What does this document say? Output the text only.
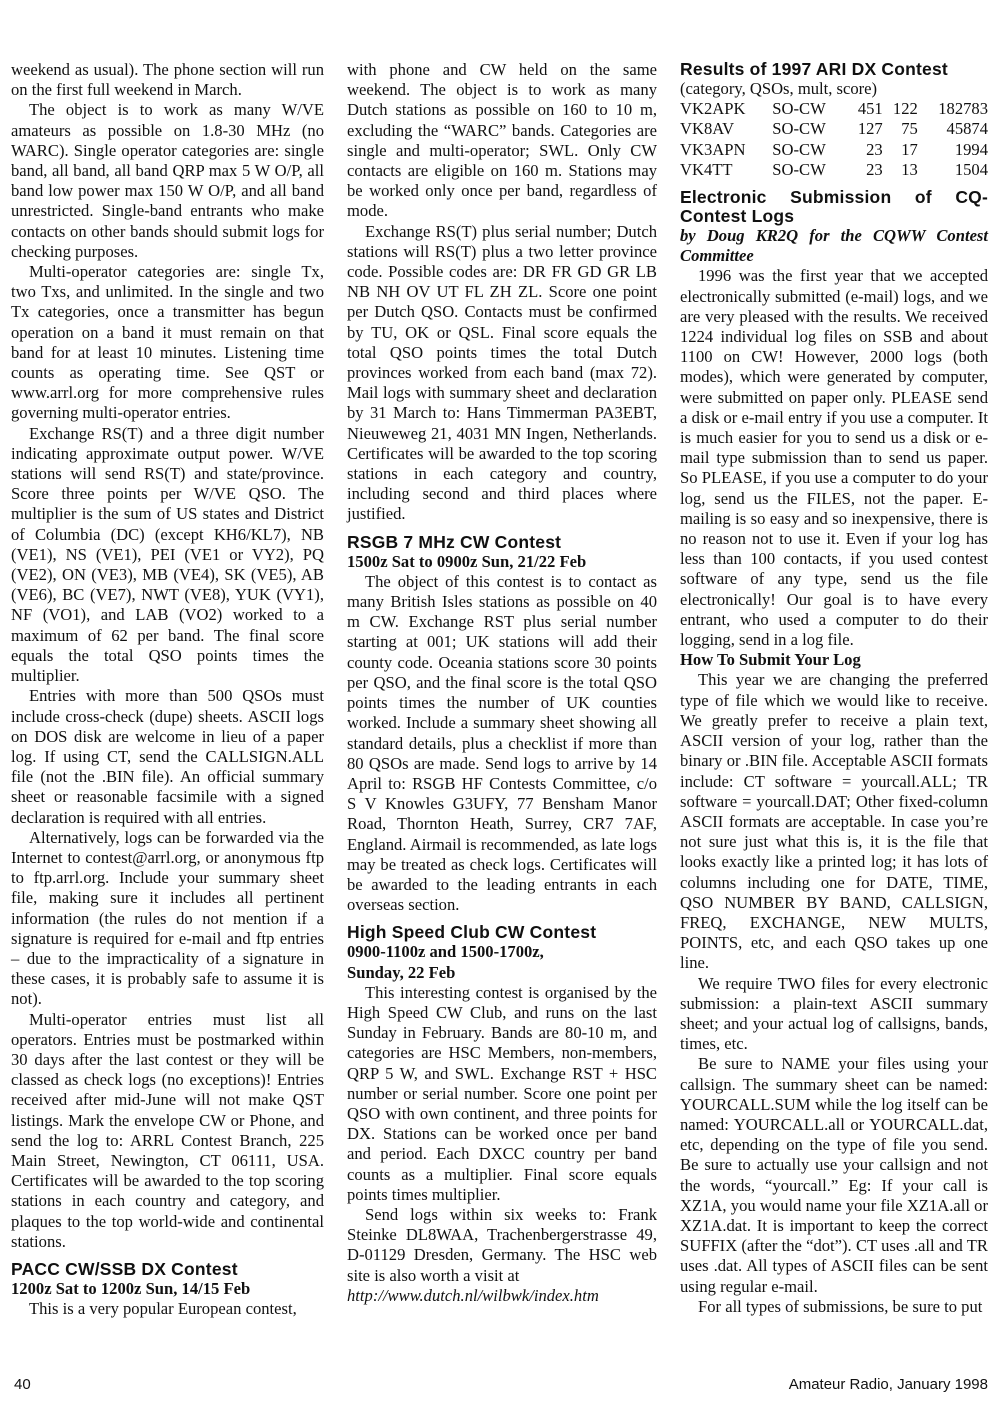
weekend as usual). The phone section will run on the first full weekend in March.

The object is to work as many W/VE amateurs as possible on 1.8-30 MHz (no WARC). Single operator categories are: single band, all band, all band QRP max 5 W O/P, all band low power max 150 W O/P, and all band unrestricted. Single-band entrants who make contacts on other bands should submit logs for checking purposes.

Multi-operator categories are: single Tx, two Txs, and unlimited. In the single and two Tx categories, once a transmitter has begun operation on a band it must remain on that band for at least 10 minutes. Listening time counts as operating time. See QST or www.arrl.org for more comprehensive rules governing multi-operator entries.

Exchange RS(T) and a three digit number indicating approximate output power. W/VE stations will send RS(T) and state/province. Score three points per W/VE QSO. The multiplier is the sum of US states and District of Columbia (DC) (except KH6/KL7), NB (VE1), NS (VE1), PEI (VE1 or VY2), PQ (VE2), ON (VE3), MB (VE4), SK (VE5), AB (VE6), BC (VE7), NWT (VE8), YUK (VY1), NF (VO1), and LAB (VO2) worked to a maximum of 62 per band. The final score equals the total QSO points times the multiplier.

Entries with more than 500 QSOs must include cross-check (dupe) sheets. ASCII logs on DOS disk are welcome in lieu of a paper log. If using CT, send the CALLSIGN.ALL file (not the .BIN file). An official summary sheet or reasonable facsimile with a signed declaration is required with all entries.

Alternatively, logs can be forwarded via the Internet to contest@arrl.org, or anonymous ftp to ftp.arrl.org. Include your summary sheet file, making sure it includes all pertinent information (the rules do not mention if a signature is required for e-mail and ftp entries – due to the impracticality of a signature in these cases, it is probably safe to assume it is not).

Multi-operator entries must list all operators. Entries must be postmarked within 30 days after the last contest or they will be classed as check logs (no exceptions)! Entries received after mid-June will not make QST listings. Mark the envelope CW or Phone, and send the log to: ARRL Contest Branch, 225 Main Street, Newington, CT 06111, USA. Certificates will be awarded to the top scoring stations in each country and category, and plaques to the top world-wide and continental stations.

PACC CW/SSB DX Contest
1200z Sat to 1200z Sun, 14/15 Feb

This is a very popular European contest,

with phone and CW held on the same weekend. The object is to work as many Dutch stations as possible on 160 to 10 m, excluding the “WARC” bands. Categories are single and multi-operator; SWL. Only CW contacts are eligible on 160 m. Stations may be worked only once per band, regardless of mode.

Exchange RS(T) plus serial number; Dutch stations will RS(T) plus a two letter province code. Possible codes are: DR FR GD GR LB NB NH OV UT FL ZH ZL. Score one point per Dutch QSO. Contacts must be confirmed by TU, OK or QSL. Final score equals the total QSO points times the total Dutch provinces worked from each band (max 72). Mail logs with summary sheet and declaration by 31 March to: Hans Timmerman PA3EBT, Nieuweweg 21, 4031 MN Ingen, Netherlands. Certificates will be awarded to the top scoring stations in each category and country, including second and third places where justified.

RSGB 7 MHz CW Contest
1500z Sat to 0900z Sun, 21/22 Feb

The object of this contest is to contact as many British Isles stations as possible on 40 m CW. Exchange RST plus serial number starting at 001; UK stations will add their county code. Oceania stations score 30 points per QSO, and the final score is the total QSO points times the number of UK counties worked. Include a summary sheet showing all standard details, plus a checklist if more than 80 QSOs are made. Send logs to arrive by 14 April to: RSGB HF Contests Committee, c/o S V Knowles G3UFY, 77 Bensham Manor Road, Thornton Heath, Surrey, CR7 7AF, England. Airmail is recommended, as late logs may be treated as check logs. Certificates will be awarded to the leading entrants in each overseas section.

High Speed Club CW Contest
0900-1100z and 1500-1700z,
Sunday, 22 Feb

This interesting contest is organised by the High Speed CW Club, and runs on the last Sunday in February. Bands are 80-10 m, and categories are HSC Members, non-members, QRP 5 W, and SWL. Exchange RST + HSC number or serial number. Score one point per QSO with own continent, and three points for DX. Stations can be worked once per band and period. Each DXCC country per band counts as a multiplier. Final score equals points times multiplier.

Send logs within six weeks to: Frank Steinke DL8WAA, Trachenbergerstrasse 49, D-01129 Dresden, Germany. The HSC web site is also worth a visit at

http://www.dutch.nl/wilbwk/index.htm

Results of 1997 ARI DX Contest
(category, QSOs, mult, score)
VK2APK	SO-CW	451	122	182783
VK8AV	SO-CW	127	75	45874
VK3APN	SO-CW	23	17	1994
VK4TT	SO-CW	23	13	1504
Electronic Submission of CQ-Contest Logs

by Doug KR2Q for the CQWW Contest Committee

1996 was the first year that we accepted electronically submitted (e-mail) logs, and we are very pleased with the results. We received 1224 individual log files on SSB and about 1100 on CW! However, 2000 logs (both modes), which were generated by computer, were submitted on paper only. PLEASE send a disk or e-mail entry if you use a computer. It is much easier for you to send us a disk or e-mail type submission than to send us paper. So PLEASE, if you use a computer to do your log, send us the FILES, not the paper. E-mailing is so easy and so inexpensive, there is no reason not to use it. Even if your log has less than 100 contacts, if you used contest software of any type, send us the file electronically! Our goal is to have every entrant, who used a computer to do their logging, send in a log file.

How To Submit Your Log

This year we are changing the preferred type of file which we would like to receive. We greatly prefer to receive a plain text, ASCII version of your log, rather than the binary or .BIN file. Acceptable ASCII formats include: CT software = yourcall.ALL; TR software = yourcall.DAT; Other fixed-column ASCII formats are acceptable. In case you’re not sure just what this is, it is the file that looks exactly like a printed log; it has lots of columns including one for DATE, TIME, QSO NUMBER BY BAND, CALLSIGN, FREQ, EXCHANGE, NEW MULTS, POINTS, etc, and each QSO takes up one line.

We require TWO files for every electronic submission: a plain-text ASCII summary sheet; and your actual log of callsigns, bands, times, etc.

Be sure to NAME your files using your callsign. The summary sheet can be named: YOURCALL.SUM while the log itself can be named: YOURCALL.all or YOURCALL.dat, etc, depending on the type of file you send. Be sure to actually use your callsign and not the words, “yourcall.” Eg: If your call is XZ1A, you would name your file XZ1A.all or XZ1A.dat. It is important to keep the correct SUFFIX (after the “dot”). CT uses .all and TR uses .dat. All types of ASCII files can be sent using regular e-mail.

For all types of submissions, be sure to put

40	Amateur Radio, January 1998
